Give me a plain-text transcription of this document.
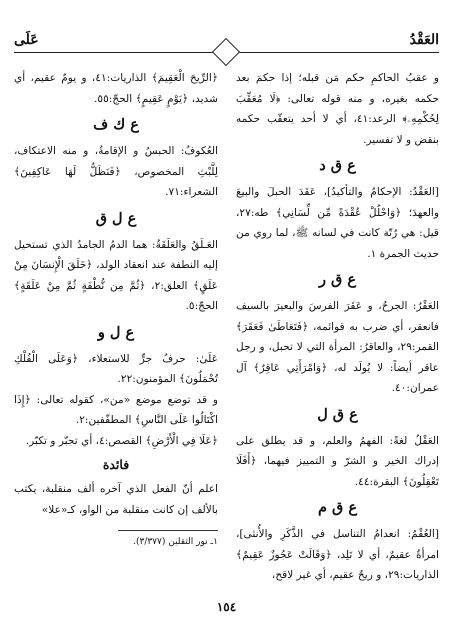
العَقْدُ
عَلَى

و عقبُ الحاكمِ حكم مَن قبله؛ إذا حكمَ بعد حكمه بغيره، و منه قوله تعالى: ﴿لَا مُعَقِّبَ لِحُكْمِهِۦ﴾ الرعد:٤١، أي لا أحد يتعقّب حكمه بنقض و لا تفسير.

ع ق د

[العَقْدُ: الإحكامُ والتأكيدُ]، عَقَدَ الحبلَ والبيعَ والعهدَ؛ ﴿وَاحْلُلْ عُقْدَةً مِّن لِّسَانِي﴾ طه:٢٧، قيل: هي رُتّة كانت في لسانه ﷺ، لما روي من حديث الجمرة ١.

ع ق ر

العَقْرُ: الجرحُ، و عَقَرَ الفرسَ والبعيرَ بالسيف فانعقر، أي ضرب به قوائمه، ﴿فَتَعَاطَىٰ فَعَقَرَ﴾ القمر:٢٩، والعاقرُ: المرأة التي لا تحبل، و رجل عاقر أيضاً: لا يُولَد له، ﴿وَامْرَأَتِي عَاقِرٌ﴾ آل عمران:٤٠.

ع ق ل

العَقْلُ لغةً: الفهمُ والعلم، و قد يطلق على إدراك الخير و الشرّ و التمييز فيهما، ﴿أَفَلَا تَعْقِلُونَ﴾ البقرة:٤٤.

ع ق م

[العُقْمُ: انعدامُ التناسل في الذَّكَرِ والأُنثى]، امرأةٌ عقيمٌ، أي لا تَلِد، ﴿وَقَالَتْ عَجُوزٌ عَقِيمٌ﴾ الذاريات:٢٩، و ريحٌ عقيم، أي غير لاقح،

﴿الرِّيحَ الْعَقِيمَ﴾ الذاريات:٤١، و يومٌ عقيم، أي شديد، ﴿يَوْمٍ عَقِيمٍ﴾ الحجّ:٥٥.

ع ك ف

العُكوفُ: الحبسُ و الإقامةُ، و منه الاعتكاف، لِلَّبْثِ المخصوص، ﴿فَنَظَلُّ لَهَا عَاكِفِينَ﴾ الشعراء:٧١.

ع ل ق

العَـلَقُ والعَلَقَةُ: هما الدمُ الجامدُ الذي تستحيل إليه النطفة عند انعقاد الولد، ﴿خَلَقَ الْإِنسَانَ مِنْ عَلَقٍ﴾ العلق:٢، ﴿ثُمَّ مِن نُّطْفَةٍ ثُمَّ مِنْ عَلَقَةٍ﴾ الحجّ:٥.

ع ل و

عَلَىٰ: حرفُ جرٍّ للاستعلاء، ﴿وَعَلَى الْفُلْكِ تُحْمَلُونَ﴾ المؤمنون:٢٢.

و قد توضع موضع «من»، كقوله تعالى: ﴿إِذَا اكْتَالُوا عَلَى النَّاسِ﴾ المطفّفين:٢.

﴿عَلَا فِي الْأَرْضِ﴾ القصص:٤، أي تجبّر و تكبّر.

فائدة

اعلم أنّ الفعل الذي آخره ألف منقلبة، يكتب بالألف إن كانت منقلبة من الواو، كـ«علا»

١ـ نور الثقلين (٣/٣٧٧).

١٥٤
